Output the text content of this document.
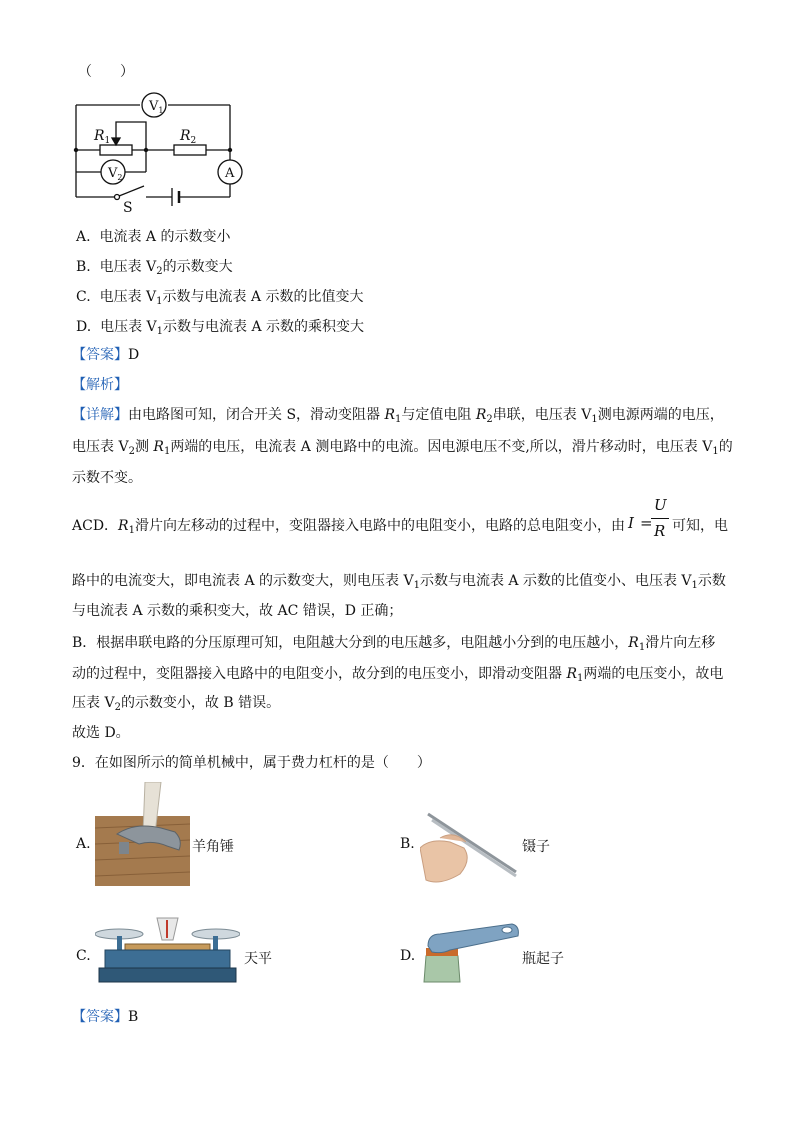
（　　）
$V_1$
$V_2$	A
$R_1$	$R_2$
S
A. 电流表 A 的示数变小
B. 电压表 $V_2$的示数变大
C. 电压表 $V_1$示数与电流表 A 示数的比值变大
D. 电压表 $V_1$示数与电流表 A 示数的乘积变大
【答案】D
【解析】
【详解】由电路图可知，闭合开关 S，滑动变阻器 $R_1$与定值电阻 $R_2$串联，电压表 $V_1$测电源两端的电压，
电压表 $V_2$测 $R_1$两端的电压，电流表 A 测电路中的电流。因电源电压不变,所以，滑片移动时，电压表 $V_1$的
示数不变。
ACD．$R_1$滑片向左移动的过程中，变阻器接入电路中的电阻变小，电路的总电阻变小，由 I =
U
R 可知，电
路中的电流变大，即电流表 A 的示数变大，则电压表 $V_1$示数与电流表 A 示数的比值变小、电压表 $V_1$示数
与电流表 A 示数的乘积变大，故 AC 错误，D 正确；
B．根据串联电路的分压原理可知，电阻越大分到的电压越多，电阻越小分到的电压越小，$R_1$滑片向左移
动的过程中，变阻器接入电路中的电阻变小，故分到的电压变小，即滑动变阻器 $R_1$两端的电压变小，故电
压表 $V_2$的示数变小，故 B 错误。
故选 D。
9．在如图所示的简单机械中，属于费力杠杆的是（　　）
A.	羊角锤	B.	镊子
C.	天平	D.	瓶起子
【答案】B
